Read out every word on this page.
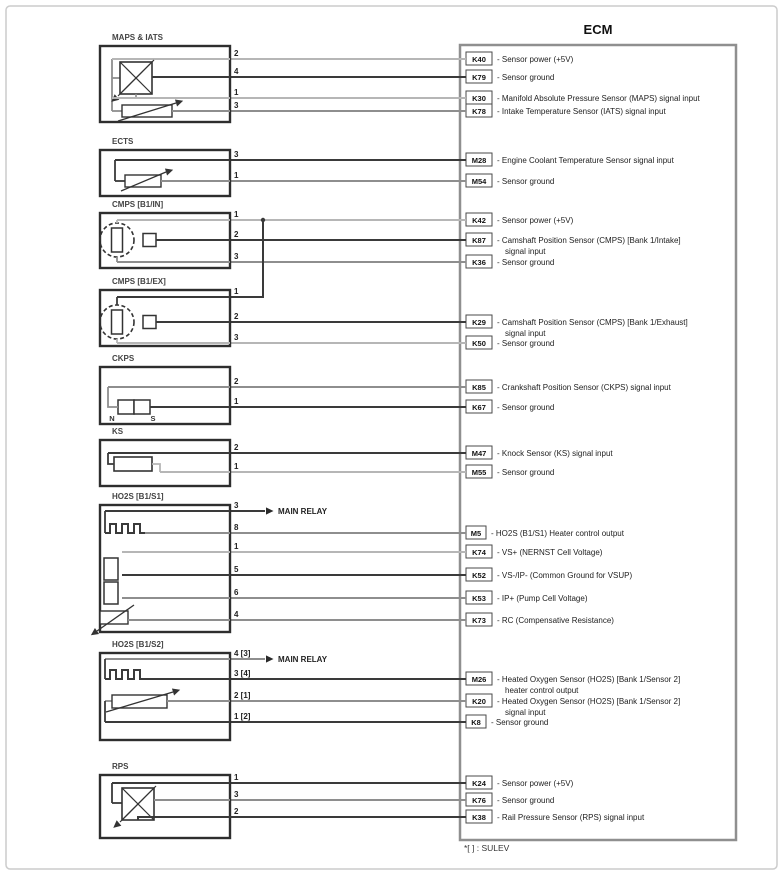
ECM
K40 - Sensor power (+5V)
K79 - Sensor ground
K30 - Manifold Absolute Pressure Sensor (MAPS) signal input
K78 - Intake Temperature Sensor (IATS) signal input
M28 - Engine Coolant Temperature Sensor signal input
M54 - Sensor ground
K42 - Sensor power (+5V)
K87 - Camshaft Position Sensor (CMPS) [Bank 1/Intake]
signal input
K36 - Sensor ground
K29 - Camshaft Position Sensor (CMPS) [Bank 1/Exhaust]
signal input
K50 - Sensor ground
K85 - Crankshaft Position Sensor (CKPS) signal input
K67 - Sensor ground
M47 - Knock Sensor (KS) signal input
M55 - Sensor ground
M5 - HO2S (B1/S1) Heater control output
K74 - VS+ (NERNST Cell Voltage)
K52 - VS-/IP- (Common Ground for VSUP)
K53 - IP+ (Pump Cell Voltage)
K73 - RC (Compensative Resistance)
M26 - Heated Oxygen Sensor (HO2S) [Bank 1/Sensor 2]
heater control output
K20 - Heated Oxygen Sensor (HO2S) [Bank 1/Sensor 2]
signal input
K8 - Sensor ground
K24 - Sensor power (+5V)
K76 - Sensor ground
K38 - Rail Pressure Sensor (RPS) signal input
2
4
1
3
MAPS & IATS
3
1
ECTS
1
2
3
CMPS [B1/IN]
1
2
3
CMPS [B1/EX]
2
1
CKPS
N	S
2
1
KS
MAIN RELAY
3
8
1
5
6
4
HO2S [B1/S1]
MAIN RELAY
4 [3]
3 [4]
2 [1]
1 [2]
HO2S [B1/S2]
1
3
2
RPS
*[ ] : SULEV
